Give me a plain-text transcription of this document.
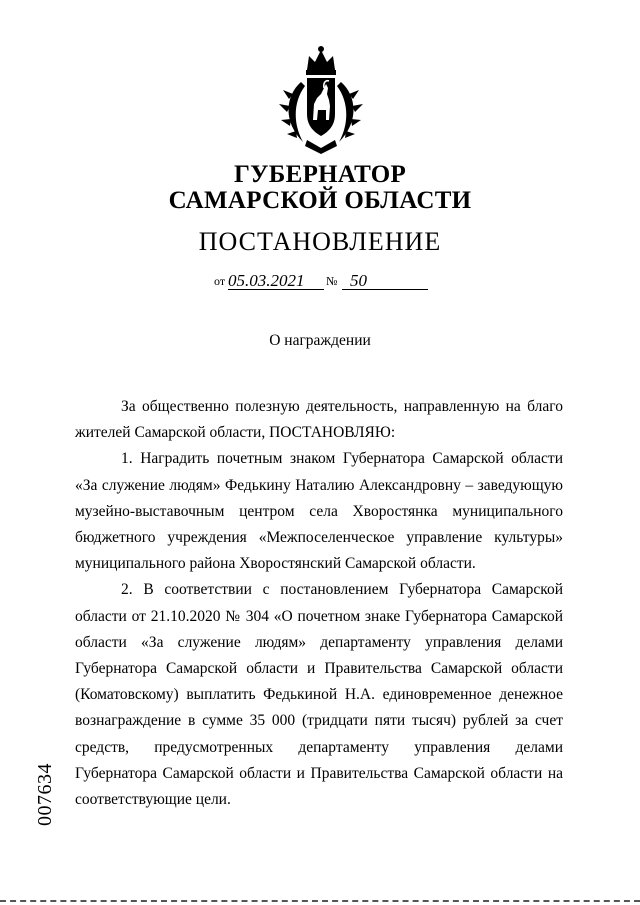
ГУБЕРНАТОР
САМАРСКОЙ ОБЛАСТИ
ПОСТАНОВЛЕНИЕ
от 05.03.2021	№ 50
О награждении

За общественно полезную деятельность, направленную на благо жителей Самарской области, ПОСТАНОВЛЯЮ:

1. Наградить почетным знаком Губернатора Самарской области «За служение людям» Федькину Наталию Александровну – заведующую музейно-выставочным центром села Хворостянка муниципального бюджетного учреждения «Межпоселенческое управление культуры» муниципального района Хворостянский Самарской области.

2. В соответствии с постановлением Губернатора Самарской области от 21.10.2020 № 304 «О почетном знаке Губернатора Самарской области «За служение людям» департаменту управления делами Губернатора Самарской области и Правительства Самарской области (Коматовскому) выплатить Федькиной Н.А. единовременное денежное вознаграждение в сумме 35 000 (тридцати пяти тысяч) рублей за счет средств, предусмотренных департаменту управления делами Губернатора Самарской области и Правительства Самарской области на соответствующие цели.

007634
